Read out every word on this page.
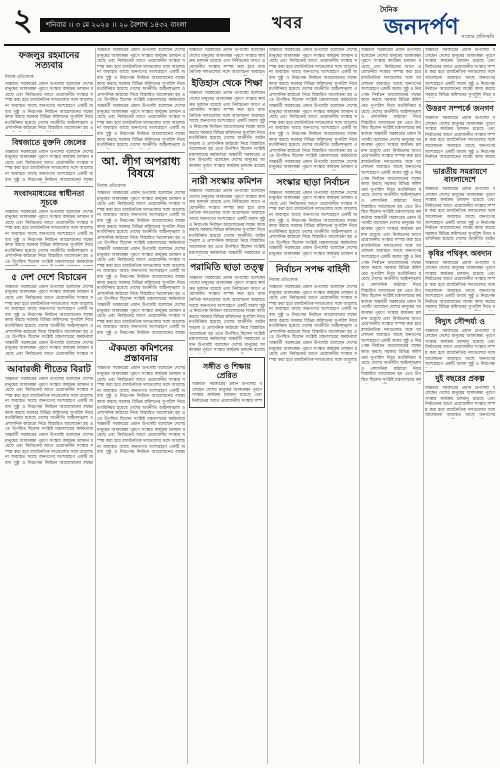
২	শনিবার ।। ৩ মে ২০২৫ ।। ২০ বৈশাখ ১৪৩২ বাংলা	খবর
দৈনিক
জনদর্পণ সত্যের প্রতিচ্ছবি
ফজলুর রহমানের সত্যবার
নিজস্ব প্রতিবেদক
অন্তর্বর্তী সরকারের প্রধান উপদেষ্টা বলেছেন দেশের মানুষের আকাঙ্ক্ষা পূরণে সংস্কার কার্যক্রম চলমান রয়েছে এবং নির্বাচনের আগে প্রয়োজনীয় সংস্কার সম্পন্ন করা হবে রাজনৈতিক দলগুলোর সঙ্গে আলোচনা অব্যাহত আছে জনগণের অংশগ্রহণে একটি অবাধ সুষ্ঠু ও নিরপেক্ষ নির্বাচন আয়োজনের লক্ষ্যে কাজ করছে সরকার বিভিন্ন কমিশনের সুপারিশ নিয়ে মতবিনিময় হয়েছে দেশের অর্থনীতি আইনশৃঙ্খলা ও প্রশাসনিক কাঠামো নিয়ে বিস্তারিত আলোচনা হয় এ
বিশ্বজাতে মুক্তনি জেলের
অন্তর্বর্তী সরকারের প্রধান উপদেষ্টা বলেছেন দেশের মানুষের আকাঙ্ক্ষা পূরণে সংস্কার কার্যক্রম চলমান রয়েছে এবং নির্বাচনের আগে প্রয়োজনীয় সংস্কার সম্পন্ন করা হবে রাজনৈতিক দলগুলোর সঙ্গে আলোচনা অব্যাহত আছে জনগণের অংশগ্রহণে একটি অবাধ সুষ্ঠু ও নিরপেক্ষ নির্বাচন আয়োজনের লক্ষ্যে
সংবাদমাধ্যমের স্বাধীনতা সূচকে
অন্তর্বর্তী সরকারের প্রধান উপদেষ্টা বলেছেন দেশের মানুষের আকাঙ্ক্ষা পূরণে সংস্কার কার্যক্রম চলমান রয়েছে এবং নির্বাচনের আগে প্রয়োজনীয় সংস্কার সম্পন্ন করা হবে রাজনৈতিক দলগুলোর সঙ্গে আলোচনা অব্যাহত আছে জনগণের অংশগ্রহণে একটি অবাধ সুষ্ঠু ও নিরপেক্ষ নির্বাচন আয়োজনের লক্ষ্যে কাজ করছে সরকার বিভিন্ন কমিশনের সুপারিশ নিয়ে মতবিনিময় হয়েছে দেশের অর্থনীতি আইনশৃঙ্খলা ও প্রশাসনিক কাঠামো নিয়ে বিস্তারিত আলোচনা হয় এতে উপস্থিত ছিলেন সংশ্লিষ্ট মন্ত্রণালয়ের কর্মকর্তারা
৫ দেশ দেশে বিচারেন
অন্তর্বর্তী সরকারের প্রধান উপদেষ্টা বলেছেন দেশের মানুষের আকাঙ্ক্ষা পূরণে সংস্কার কার্যক্রম চলমান রয়েছে এবং নির্বাচনের আগে প্রয়োজনীয় সংস্কার সম্পন্ন করা হবে রাজনৈতিক দলগুলোর সঙ্গে আলোচনা অব্যাহত আছে জনগণের অংশগ্রহণে একটি অবাধ সুষ্ঠু ও নিরপেক্ষ নির্বাচন আয়োজনের লক্ষ্যে কাজ করছে সরকার বিভিন্ন কমিশনের সুপারিশ নিয়ে মতবিনিময় হয়েছে দেশের অর্থনীতি আইনশৃঙ্খলা ও প্রশাসনিক কাঠামো নিয়ে বিস্তারিত আলোচনা হয় এতে উপস্থিত ছিলেন সংশ্লিষ্ট মন্ত্রণালয়ের কর্মকর্তারা অন্তর্বর্তী সরকারের প্রধান উপদেষ্টা বলেছেন দেশের মানুষের আকাঙ্ক্ষা পূরণে সংস্কার কার্যক্রম চলমান রয়েছে এবং নির্বাচনের আগে প্রয়োজনীয় সংস্কার স
আবারজী শীতের বিরাট
অন্তর্বর্তী সরকারের প্রধান উপদেষ্টা বলেছেন দেশের মানুষের আকাঙ্ক্ষা পূরণে সংস্কার কার্যক্রম চলমান রয়েছে এবং নির্বাচনের আগে প্রয়োজনীয় সংস্কার সম্পন্ন করা হবে রাজনৈতিক দলগুলোর সঙ্গে আলোচনা অব্যাহত আছে জনগণের অংশগ্রহণে একটি অবাধ সুষ্ঠু ও নিরপেক্ষ নির্বাচন আয়োজনের লক্ষ্যে কাজ করছে সরকার বিভিন্ন কমিশনের সুপারিশ নিয়ে মতবিনিময় হয়েছে দেশের অর্থনীতি আইনশৃঙ্খলা ও প্রশাসনিক কাঠামো নিয়ে বিস্তারিত আলোচনা হয় এতে উপস্থিত ছিলেন সংশ্লিষ্ট মন্ত্রণালয়ের কর্মকর্তারা অন্তর্বর্তী সরকারের প্রধান উপদেষ্টা বলেছেন দেশের মানুষের আকাঙ্ক্ষা পূরণে সংস্কার কার্যক্রম চলমান রয়েছে এবং নির্বাচনের আগে প্রয়োজনীয় সংস্কার সম্পন্ন করা হবে রাজনৈতিক দলগুলোর সঙ্গে আলোচনা অব্যাহত আছে জনগণের অংশগ্রহণে একটি অবাধ সুষ্ঠু ও নিরপেক্ষ নির্বাচন আয়োজনের লক্ষ্যে
অন্তর্বর্তী সরকারের প্রধান উপদেষ্টা বলেছেন দেশের মানুষের আকাঙ্ক্ষা পূরণে সংস্কার কার্যক্রম চলমান রয়েছে এবং নির্বাচনের আগে প্রয়োজনীয় সংস্কার সম্পন্ন করা হবে রাজনৈতিক দলগুলোর সঙ্গে আলোচনা অব্যাহত আছে জনগণের অংশগ্রহণে একটি অবাধ সুষ্ঠু ও নিরপেক্ষ নির্বাচন আয়োজনের লক্ষ্যে কাজ করছে সরকার বিভিন্ন কমিশনের সুপারিশ নিয়ে মতবিনিময় হয়েছে দেশের অর্থনীতি আইনশৃঙ্খলা ও প্রশাসনিক কাঠামো নিয়ে বিস্তারিত আলোচনা হয় এতে উপস্থিত ছিলেন সংশ্লিষ্ট মন্ত্রণালয়ের কর্মকর্তারা অন্তর্বর্তী সরকারের প্রধান উপদেষ্টা বলেছেন দেশের মানুষের আকাঙ্ক্ষা পূরণে সংস্কার কার্যক্রম চলমান রয়েছে এবং নির্বাচনের আগে প্রয়োজনীয় সংস্কার সম্পন্ন করা হবে রাজনৈতিক দলগুলোর সঙ্গে আলোচনা অব্যাহত আছে জনগণের অংশগ্রহণে একটি অবাধ সুষ্ঠু ও নিরপেক্ষ নির্বাচন আয়োজনের লক্ষ্যে কাজ করছে সরকার বিভিন্ন কমিশনের সুপারিশ নিয়ে মতবিনিময় হয়েছে দেশের অর্থনীতি আইনশৃঙ্খলা ও
আ. লীগ অপরাধ্য বিষয়ে
নিজস্ব প্রতিবেদক
অন্তর্বর্তী সরকারের প্রধান উপদেষ্টা বলেছেন দেশের মানুষের আকাঙ্ক্ষা পূরণে সংস্কার কার্যক্রম চলমান রয়েছে এবং নির্বাচনের আগে প্রয়োজনীয় সংস্কার সম্পন্ন করা হবে রাজনৈতিক দলগুলোর সঙ্গে আলোচনা অব্যাহত আছে জনগণের অংশগ্রহণে একটি অবাধ সুষ্ঠু ও নিরপেক্ষ নির্বাচন আয়োজনের লক্ষ্যে কাজ করছে সরকার বিভিন্ন কমিশনের সুপারিশ নিয়ে মতবিনিময় হয়েছে দেশের অর্থনীতি আইনশৃঙ্খলা ও প্রশাসনিক কাঠামো নিয়ে বিস্তারিত আলোচনা হয় এতে উপস্থিত ছিলেন সংশ্লিষ্ট মন্ত্রণালয়ের কর্মকর্তারা অন্তর্বর্তী সরকারের প্রধান উপদেষ্টা বলেছেন দেশের মানুষের আকাঙ্ক্ষা পূরণে সংস্কার কার্যক্রম চলমান রয়েছে এবং নির্বাচনের আগে প্রয়োজনীয় সংস্কার সম্পন্ন করা হবে রাজনৈতিক দলগুলোর সঙ্গে আলোচনা অব্যাহত আছে জনগণের অংশগ্রহণে একটি অবাধ সুষ্ঠু ও নিরপেক্ষ নির্বাচন আয়োজনের লক্ষ্যে কাজ করছে সরকার বিভিন্ন কমিশনের সুপারিশ নিয়ে মতবিনিময় হয়েছে দেশের অর্থনীতি আইনশৃঙ্খলা ও প্রশাসনিক কাঠামো নিয়ে বিস্তারিত আলোচনা হয় এতে উপস্থিত ছিলেন সংশ্লিষ্ট মন্ত্রণালয়ের কর্মকর্তারা অন্তর্বর্তী সরকারের প্রধান উপদেষ্টা বলেছেন দেশের মানুষের আকাঙ্ক্ষা পূরণে সংস্কার কার্যক্রম চলমান রয়েছে এবং নির্বাচনের আগে প্রয়োজনীয় সংস্কার সম্পন্ন করা হবে রাজনৈতিক দলগুলোর সঙ্গে আলোচনা অব্যাহত আছে জনগণের অংশগ্রহণে একটি অবাধ সুষ্ঠু ও নিরপেক্ষ নির্বাচন আয়োজনের লক্ষ্যে
ঐকমত্য কমিশনের প্রস্তাবনার
অন্তর্বর্তী সরকারের প্রধান উপদেষ্টা বলেছেন দেশের মানুষের আকাঙ্ক্ষা পূরণে সংস্কার কার্যক্রম চলমান রয়েছে এবং নির্বাচনের আগে প্রয়োজনীয় সংস্কার সম্পন্ন করা হবে রাজনৈতিক দলগুলোর সঙ্গে আলোচনা অব্যাহত আছে জনগণের অংশগ্রহণে একটি অবাধ সুষ্ঠু ও নিরপেক্ষ নির্বাচন আয়োজনের লক্ষ্যে কাজ করছে সরকার বিভিন্ন কমিশনের সুপারিশ নিয়ে মতবিনিময় হয়েছে দেশের অর্থনীতি আইনশৃঙ্খলা ও প্রশাসনিক কাঠামো নিয়ে বিস্তারিত আলোচনা হয় এতে উপস্থিত ছিলেন সংশ্লিষ্ট মন্ত্রণালয়ের কর্মকর্তারা অন্তর্বর্তী সরকারের প্রধান উপদেষ্টা বলেছেন দেশের মানুষের আকাঙ্ক্ষা পূরণে সংস্কার কার্যক্রম চলমান রয়েছে এবং নির্বাচনের আগে প্রয়োজনীয় সংস্কার সম্পন্ন করা হবে রাজনৈতিক দলগুলোর সঙ্গে আলোচনা অব্যাহত আছে জনগণের অংশগ্রহণে একটি অবাধ সুষ্ঠু ও নিরপেক্ষ নির্বাচন আয়োজনের লক্ষ্যে
অন্তর্বর্তী সরকারের প্রধান উপদেষ্টা বলেছেন দেশের মানুষের আকাঙ্ক্ষা পূরণে সংস্কার কার্যক্রম চলমান রয়েছে এবং নির্বাচনের আগে প্রয়োজনীয় সংস্কার সম্পন্ন করা হবে রাজনৈতিক দলগুলোর সঙ্গে আলোচনা অব্যাহত
ইতিহাস থেকে শিক্ষা
অন্তর্বর্তী সরকারের প্রধান উপদেষ্টা বলেছেন দেশের মানুষের আকাঙ্ক্ষা পূরণে সংস্কার কার্যক্রম চলমান রয়েছে এবং নির্বাচনের আগে প্রয়োজনীয় সংস্কার সম্পন্ন করা হবে রাজনৈতিক দলগুলোর সঙ্গে আলোচনা অব্যাহত আছে জনগণের অংশগ্রহণে একটি অবাধ সুষ্ঠু ও নিরপেক্ষ নির্বাচন আয়োজনের লক্ষ্যে কাজ করছে সরকার বিভিন্ন কমিশনের সুপারিশ নিয়ে মতবিনিময় হয়েছে দেশের অর্থনীতি আইনশৃঙ্খলা ও প্রশাসনিক কাঠামো নিয়ে বিস্তারিত আলোচনা হয় এতে উপস্থিত ছিলেন সংশ্লিষ্ট মন্ত্রণালয়ের কর্মকর্তারা অন্তর্বর্তী সরকারের প্রধান উপদেষ্টা বলেছেন দেশের মানুষের আকাঙ্ক্ষা পূরণে সংস্কার কার্যক্রম চলমান রয়েছে
নারী সংস্কার কমিশন
অন্তর্বর্তী সরকারের প্রধান উপদেষ্টা বলেছেন দেশের মানুষের আকাঙ্ক্ষা পূরণে সংস্কার কার্যক্রম চলমান রয়েছে এবং নির্বাচনের আগে প্রয়োজনীয় সংস্কার সম্পন্ন করা হবে রাজনৈতিক দলগুলোর সঙ্গে আলোচনা অব্যাহত আছে জনগণের অংশগ্রহণে একটি অবাধ সুষ্ঠু ও নিরপেক্ষ নির্বাচন আয়োজনের লক্ষ্যে কাজ করছে সরকার বিভিন্ন কমিশনের সুপারিশ নিয়ে মতবিনিময় হয়েছে দেশের অর্থনীতি আইনশৃঙ্খলা ও প্রশাসনিক কাঠামো নিয়ে বিস্তারিত আলোচনা হয় এতে উপস্থিত ছিলেন সংশ্লিষ্ট মন্ত্রণালয়ের কর্মকর্তারা অন্তর্বর্তী সরকারের প্র
পরামিতি ছাড়া তত্ত্ব
অন্তর্বর্তী সরকারের প্রধান উপদেষ্টা বলেছেন দেশের মানুষের আকাঙ্ক্ষা পূরণে সংস্কার কার্যক্রম চলমান রয়েছে এবং নির্বাচনের আগে প্রয়োজনীয় সংস্কার সম্পন্ন করা হবে রাজনৈতিক দলগুলোর সঙ্গে আলোচনা অব্যাহত আছে জনগণের অংশগ্রহণে একটি অবাধ সুষ্ঠু ও নিরপেক্ষ নির্বাচন আয়োজনের লক্ষ্যে কাজ করছে সরকার বিভিন্ন কমিশনের সুপারিশ নিয়ে মতবিনিময় হয়েছে দেশের অর্থনীতি আইনশৃঙ্খলা ও প্রশাসনিক কাঠামো নিয়ে বিস্তারিত আলোচনা হয় এতে উপস্থিত ছিলেন সংশ্লিষ্ট মন্ত্রণালয়ের কর্মকর্তারা অন্তর্বর্তী সরকারের প্রধান উপদেষ্টা বলেছেন দেশের মানুষের আকাঙ্ক্ষা পূরণে সংস্কার কার্যক্রম চলমান রয়েছে
সঙ্গীত ও শিক্ষায় প্রেরিত
অন্তর্বর্তী সরকারের প্রধান উপদেষ্টা বলেছেন দেশের মানুষের আকাঙ্ক্ষা পূরণে সংস্কার কার্যক্রম চলমান রয়েছে এবং নির্বাচনের আগে প্রয়োজনীয় সংস্কার সম্প
অন্তর্বর্তী সরকারের প্রধান উপদেষ্টা বলেছেন দেশের মানুষের আকাঙ্ক্ষা পূরণে সংস্কার কার্যক্রম চলমান রয়েছে এবং নির্বাচনের আগে প্রয়োজনীয় সংস্কার সম্পন্ন করা হবে রাজনৈতিক দলগুলোর সঙ্গে আলোচনা অব্যাহত আছে জনগণের অংশগ্রহণে একটি অবাধ সুষ্ঠু ও নিরপেক্ষ নির্বাচন আয়োজনের লক্ষ্যে কাজ করছে সরকার বিভিন্ন কমিশনের সুপারিশ নিয়ে মতবিনিময় হয়েছে দেশের অর্থনীতি আইনশৃঙ্খলা ও প্রশাসনিক কাঠামো নিয়ে বিস্তারিত আলোচনা হয় এতে উপস্থিত ছিলেন সংশ্লিষ্ট মন্ত্রণালয়ের কর্মকর্তারা অন্তর্বর্তী সরকারের প্রধান উপদেষ্টা বলেছেন দেশের মানুষের আকাঙ্ক্ষা পূরণে সংস্কার কার্যক্রম চলমান রয়েছে এবং নির্বাচনের আগে প্রয়োজনীয় সংস্কার সম্পন্ন করা হবে রাজনৈতিক দলগুলোর সঙ্গে আলোচনা অব্যাহত আছে জনগণের অংশগ্রহণে একটি অবাধ সুষ্ঠু ও নিরপেক্ষ নির্বাচন আয়োজনের লক্ষ্যে কাজ করছে সরকার বিভিন্ন কমিশনের সুপারিশ নিয়ে মতবিনিময় হয়েছে দেশের অর্থনীতি আইনশৃঙ্খলা ও প্রশাসনিক কাঠামো নিয়ে বিস্তারিত আলোচনা হয় এতে উপস্থিত ছিলেন সংশ্লিষ্ট মন্ত্রণালয়ের কর্মকর্তারা অন্তর্বর্তী সরকারের প্রধান উপদেষ্টা বলেছেন দেশের মানুষের আকাঙ্ক্ষা পূরণে সংস্কার কার্যক্রম চলমান র
সংস্কার ছাড়া নির্বাচন
অন্তর্বর্তী সরকারের প্রধান উপদেষ্টা বলেছেন দেশের মানুষের আকাঙ্ক্ষা পূরণে সংস্কার কার্যক্রম চলমান রয়েছে এবং নির্বাচনের আগে প্রয়োজনীয় সংস্কার সম্পন্ন করা হবে রাজনৈতিক দলগুলোর সঙ্গে আলোচনা অব্যাহত আছে জনগণের অংশগ্রহণে একটি অবাধ সুষ্ঠু ও নিরপেক্ষ নির্বাচন আয়োজনের লক্ষ্যে কাজ করছে সরকার বিভিন্ন কমিশনের সুপারিশ নিয়ে মতবিনিময় হয়েছে দেশের অর্থনীতি আইনশৃঙ্খলা ও প্রশাসনিক কাঠামো নিয়ে বিস্তারিত আলোচনা হয় এতে উপস্থিত ছিলেন সংশ্লিষ্ট মন্ত্রণালয়ের কর্মকর্তারা অন্তর্বর্তী সরকারের প্রধান উপদেষ্টা বলেছেন দেশের মানুষের আকাঙ্ক্ষা পূরণে সংস্কার কার্যক্রম চলমান র
নির্বাচন সপক্ষ বাহিনী
নিজস্ব প্রতিবেদক
অন্তর্বর্তী সরকারের প্রধান উপদেষ্টা বলেছেন দেশের মানুষের আকাঙ্ক্ষা পূরণে সংস্কার কার্যক্রম চলমান রয়েছে এবং নির্বাচনের আগে প্রয়োজনীয় সংস্কার সম্পন্ন করা হবে রাজনৈতিক দলগুলোর সঙ্গে আলোচনা অব্যাহত আছে জনগণের অংশগ্রহণে একটি অবাধ সুষ্ঠু ও নিরপেক্ষ নির্বাচন আয়োজনের লক্ষ্যে কাজ করছে সরকার বিভিন্ন কমিশনের সুপারিশ নিয়ে মতবিনিময় হয়েছে দেশের অর্থনীতি আইনশৃঙ্খলা ও প্রশাসনিক কাঠামো নিয়ে বিস্তারিত আলোচনা হয় এতে উপস্থিত ছিলেন সংশ্লিষ্ট মন্ত্রণালয়ের কর্মকর্তারা অন্তর্বর্তী সরকারের প্রধান উপদেষ্টা বলেছেন দেশের মানুষের আকাঙ্ক্ষা পূরণে সংস্কার কার্যক্রম চলমান রয়েছে এবং নির্বাচনের আগে প্রয়োজনীয় সংস্কার সম্পন্ন করা হবে রাজনৈতিক দলগুলোর সঙ্গে আলোচ
অন্তর্বর্তী সরকারের প্রধান উপদেষ্টা বলেছেন দেশের মানুষের আকাঙ্ক্ষা পূরণে সংস্কার কার্যক্রম চলমান রয়েছে এবং নির্বাচনের আগে প্রয়োজনীয় সংস্কার সম্পন্ন করা হবে রাজনৈতিক দলগুলোর সঙ্গে আলোচনা অব্যাহত আছে জনগণের অংশগ্রহণে একটি অবাধ সুষ্ঠু ও নিরপেক্ষ নির্বাচন আয়োজনের লক্ষ্যে কাজ করছে সরকার বিভিন্ন কমিশনের সুপারিশ নিয়ে মতবিনিময় হয়েছে দেশের অর্থনীতি আইনশৃঙ্খলা ও প্রশাসনিক কাঠামো নিয়ে বিস্তারিত আলোচনা হয় এতে উপস্থিত ছিলেন সংশ্লিষ্ট মন্ত্রণালয়ের কর্মকর্তারা অন্তর্বর্তী সরকারের প্রধান উপদেষ্টা বলেছেন দেশের মানুষের আকাঙ্ক্ষা পূরণে সংস্কার কার্যক্রম চলমান রয়েছে এবং নির্বাচনের আগে প্রয়োজনীয় সংস্কার সম্পন্ন করা হবে রাজনৈতিক দলগুলোর সঙ্গে আলোচনা অব্যাহত আছে জনগণের অংশগ্রহণে একটি অবাধ সুষ্ঠু ও নিরপেক্ষ নির্বাচন আয়োজনের লক্ষ্যে কাজ করছে সরকার বিভিন্ন কমিশনের সুপারিশ নিয়ে মতবিনিময় হয়েছে দেশের অর্থনীতি আইনশৃঙ্খলা ও প্রশাসনিক কাঠামো নিয়ে বিস্তারিত আলোচনা হয় এতে উপস্থিত ছিলেন সংশ্লিষ্ট মন্ত্রণালয়ের কর্মকর্তারা অন্তর্বর্তী সরকারের প্রধান উপদেষ্টা বলেছেন দেশের মানুষের আকাঙ্ক্ষা পূরণে সংস্কার কার্যক্রম চলমান রয়েছে এবং নির্বাচনের আগে প্রয়োজনীয় সংস্কার সম্পন্ন করা হবে রাজনৈতিক দলগুলোর সঙ্গে আলোচনা অব্যাহত আছে জনগণের অংশগ্রহণে একটি অবাধ সুষ্ঠু ও নিরপেক্ষ নির্বাচন আয়োজনের লক্ষ্যে কাজ করছে সরকার বিভিন্ন কমিশনের সুপারিশ নিয়ে মতবিনিময় হয়েছে দেশের অর্থনীতি আইনশৃঙ্খলা ও প্রশাসনিক কাঠামো নিয়ে বিস্তারিত আলোচনা হয় এতে উপস্থিত ছিলেন সংশ্লিষ্ট মন্ত্রণালয়ের কর্মকর্তারা অন্তর্বর্তী সরকারের প্রধান উপদেষ্টা বলেছেন দেশের মানুষের আকাঙ্ক্ষা পূরণে সংস্কার কার্যক্রম চলমান রয়েছে এবং নির্বাচনের আগে প্রয়োজনীয় সংস্কার সম্পন্ন করা হবে রাজনৈতিক দলগুলোর সঙ্গে আলোচনা অব্যাহত আছে জনগণের অংশগ্রহণে একটি অবাধ সুষ্ঠু ও নিরপেক্ষ নির্বাচন আয়োজনের লক্ষ্যে কাজ করছে সরকার বিভিন্ন কমিশনের সুপারিশ নিয়ে মতবিনিময় হয়েছে দেশের অর্থনীতি আইনশৃঙ্খলা ও প্রশাসনিক কাঠামো নিয়ে বিস্তারিত আলোচনা হয় এতে উপস্থিত ছিলেন সংশ্লিষ্ট মন্ত্রণালয়ের কর্ম
অন্তর্বর্তী সরকারের প্রধান উপদেষ্টা বলেছেন দেশের মানুষের আকাঙ্ক্ষা পূরণে সংস্কার কার্যক্রম চলমান রয়েছে এবং নির্বাচনের আগে প্রয়োজনীয় সংস্কার সম্পন্ন করা হবে রাজনৈতিক দলগুলোর সঙ্গে আলোচনা অব্যাহত আছে জনগণের অংশগ্রহণে একটি অবাধ সুষ্ঠু ও নিরপেক্ষ নির্বাচন আয়োজনের লক্ষ্যে কাজ করছে সরকার বিভিন্ন কমিশনের সুপারিশ নিয়ে ম
উত্তরণ সম্পর্কে জনগণ
অন্তর্বর্তী সরকারের প্রধান উপদেষ্টা বলেছেন দেশের মানুষের আকাঙ্ক্ষা পূরণে সংস্কার কার্যক্রম চলমান রয়েছে এবং নির্বাচনের আগে প্রয়োজনীয় সংস্কার সম্পন্ন করা হবে রাজনৈতিক দলগুলোর সঙ্গে আলোচনা অব্যাহত আছে জনগণের অংশগ্রহণে একটি অবাধ সুষ্ঠু ও নিরপেক্ষ নির্বাচন আয়োজনের লক্ষ্যে কাজ করছে
ভারতীয় সমরায়ণে বাংলাদেশে
অন্তর্বর্তী সরকারের প্রধান উপদেষ্টা বলেছেন দেশের মানুষের আকাঙ্ক্ষা পূরণে সংস্কার কার্যক্রম চলমান রয়েছে এবং নির্বাচনের আগে প্রয়োজনীয় সংস্কার সম্পন্ন করা হবে রাজনৈতিক দলগুলোর সঙ্গে আলোচনা অব্যাহত আছে জনগণের অংশগ্রহণে একটি অবাধ সুষ্ঠু ও নিরপেক্ষ নির্বাচন আয়োজনের লক্ষ্যে কাজ করছে সরকার বিভিন্ন কমিশনের সুপারিশ নিয়ে মতবিনিময় হয়েছে দেশের অর্থনীতি আইন
কৃষির পথিকৃৎ অবদান
অন্তর্বর্তী সরকারের প্রধান উপদেষ্টা বলেছেন দেশের মানুষের আকাঙ্ক্ষা পূরণে সংস্কার কার্যক্রম চলমান রয়েছে এবং নির্বাচনের আগে প্রয়োজনীয় সংস্কার সম্পন্ন করা হবে রাজনৈতিক দলগুলোর সঙ্গে আলোচনা অব্যাহত আছে জনগণের অংশগ্রহণে একটি অবাধ সুষ্ঠু ও নিরপেক্ষ নির্বাচন আয়োজনের লক্ষ্যে কাজ করছে সরকার বিভিন্ন কমিশনের সুপারিশ নিয়ে ম
বিদ্যুৎ সৌন্দর্য্য ও
অন্তর্বর্তী সরকারের প্রধান উপদেষ্টা বলেছেন দেশের মানুষের আকাঙ্ক্ষা পূরণে সংস্কার কার্যক্রম চলমান রয়েছে এবং নির্বাচনের আগে প্রয়োজনীয় সংস্কার সম্পন্ন করা হবে রাজনৈতিক দলগুলোর সঙ্গে আলোচনা অব্যাহত আছে জনগণের অংশগ্রহণে একটি অবাধ সুষ্ঠু ও নিরপেক্ষ
দুই বছরের প্রকল্প
অন্তর্বর্তী সরকারের প্রধান উপদেষ্টা বলেছেন দেশের মানুষের আকাঙ্ক্ষা পূরণে সংস্কার কার্যক্রম চলমান রয়েছে এবং নির্বাচনের আগে প্রয়োজনীয় সংস্কার সম্পন্ন করা হবে রাজনৈতিক দলগুলোর সঙ্গে আলোচনা অব্যাহত আছে জনগণের
